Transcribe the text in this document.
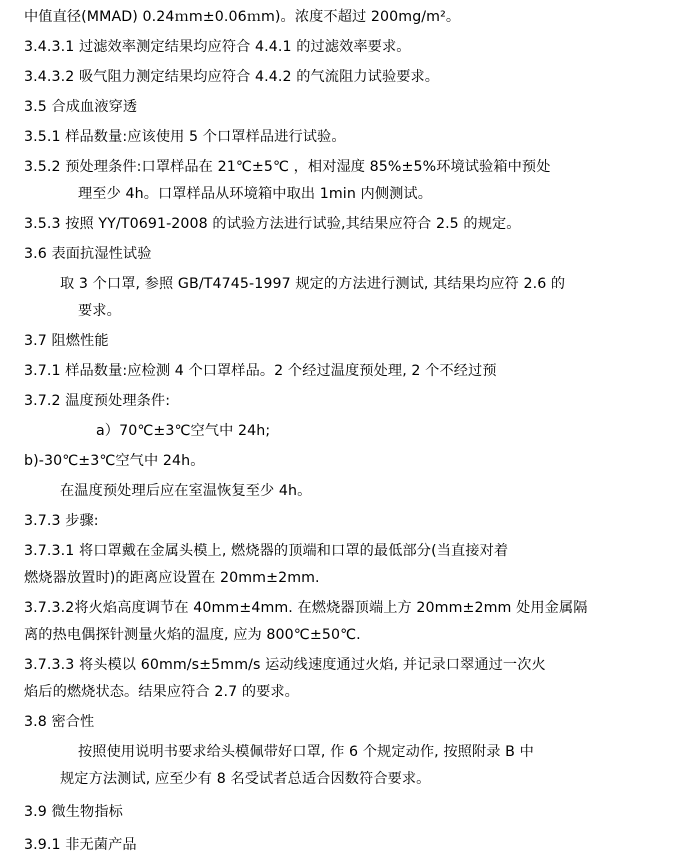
中值直径(MMAD) 0.24ｍm±0.06ｍm)。浓度不超过 200mg/m²。

3.4.3.1 过滤效率测定结果均应符合 4.4.1 的过滤效率要求。

3.4.3.2 吸气阻力测定结果均应符合 4.4.2 的气流阻力试验要求。

3.5 合成血液穿透

3.5.1 样品数量:应该使用 5 个口罩样品进行试验。

3.5.2 预处理条件:口罩样品在 21℃±5℃ ，相对湿度 85%±5%环境试验箱中预处

理至少 4h。口罩样品从环境箱中取出 1min 内侧测试。

3.5.3 按照 YY/T0691-2008 的试验方法进行试验,其结果应符合 2.5 的规定。

3.6 表面抗湿性试验

取 3 个口罩, 参照 GB/T4745-1997 规定的方法进行测试, 其结果均应符 2.6 的

要求。

3.7 阻燃性能

3.7.1 样品数量:应检测 4 个口罩样品。2 个经过温度预处理, 2 个不经过预

3.7.2 温度预处理条件:

a）70℃±3℃空气中 24h;

b)-30℃±3℃空气中 24h。

在温度预处理后应在室温恢复至少 4h。

3.7.3 步骤:

3.7.3.1 将口罩戴在金属头模上, 燃烧器的顶端和口罩的最低部分(当直接对着

燃烧器放置时)的距离应设置在 20mm±2mm.

3.7.3.2将火焰高度调节在 40mm±4mm. 在燃烧器顶端上方 20mm±2mm 处用金属隔

离的热电偶探针测量火焰的温度, 应为 800℃±50℃.

3.7.3.3 将头模以 60mm/s±5mm/s 运动线速度通过火焰, 并记录口翠通过一次火

焰后的燃烧状态。结果应符合 2.7 的要求。

3.8 密合性

按照使用说明书要求给头模佩带好口罩, 作 6 个规定动作, 按照附录 B 中

规定方法测试, 应至少有 8 名受试者总适合因数符合要求。

3.9 微生物指标

3.9.1 非无菌产品
